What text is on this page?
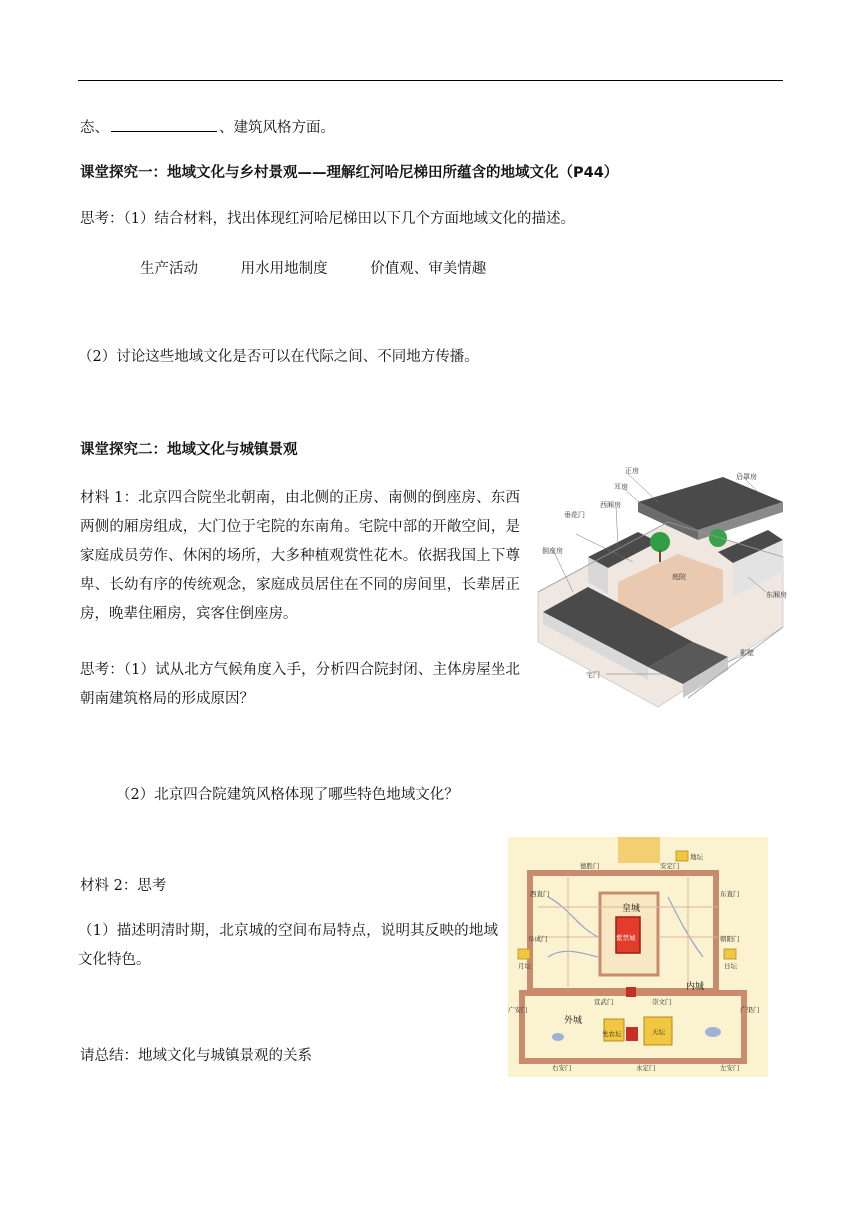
态、	、建筑风格方面。
课堂探究一：地域文化与乡村景观——理解红河哈尼梯田所蕴含的地域文化（P44）
思考：（1）结合材料，找出体现红河哈尼梯田以下几个方面地域文化的描述。
生产活动	用水用地制度	价值观、审美情趣
（2）讨论这些地域文化是否可以在代际之间、不同地方传播。
课堂探究二：地域文化与城镇景观
材料 1：北京四合院坐北朝南，由北侧的正房、南侧的倒座房、东西两侧的厢房组成，大门位于宅院的东南角。宅院中部的开敞空间，是家庭成员劳作、休闲的场所，大多种植观赏性花木。依据我国上下尊卑、长幼有序的传统观念，家庭成员居住在不同的房间里，长辈居正房，晚辈住厢房，宾客住倒座房。
思考：（1）试从北方气候角度入手，分析四合院封闭、主体房屋坐北朝南建筑格局的形成原因？
（2）北京四合院建筑风格体现了哪些特色地域文化？
材料 2：思考
（1）描述明清时期，北京城的空间布局特点，说明其反映的地域文化特色。
请总结：地域文化与城镇景观的关系
正房
耳房
后罩房
西厢房
垂花门
倒座房
庭院
东厢房
影壁
宅门
德胜门	安定门
地坛
西直门	东直门
阜成门	朝阳门
皇城
紫禁城
月坛	日坛
宣武门	崇文门
内城
广安门	广渠门
外城
先农坛	天坛
右安门	永定门	左安门
